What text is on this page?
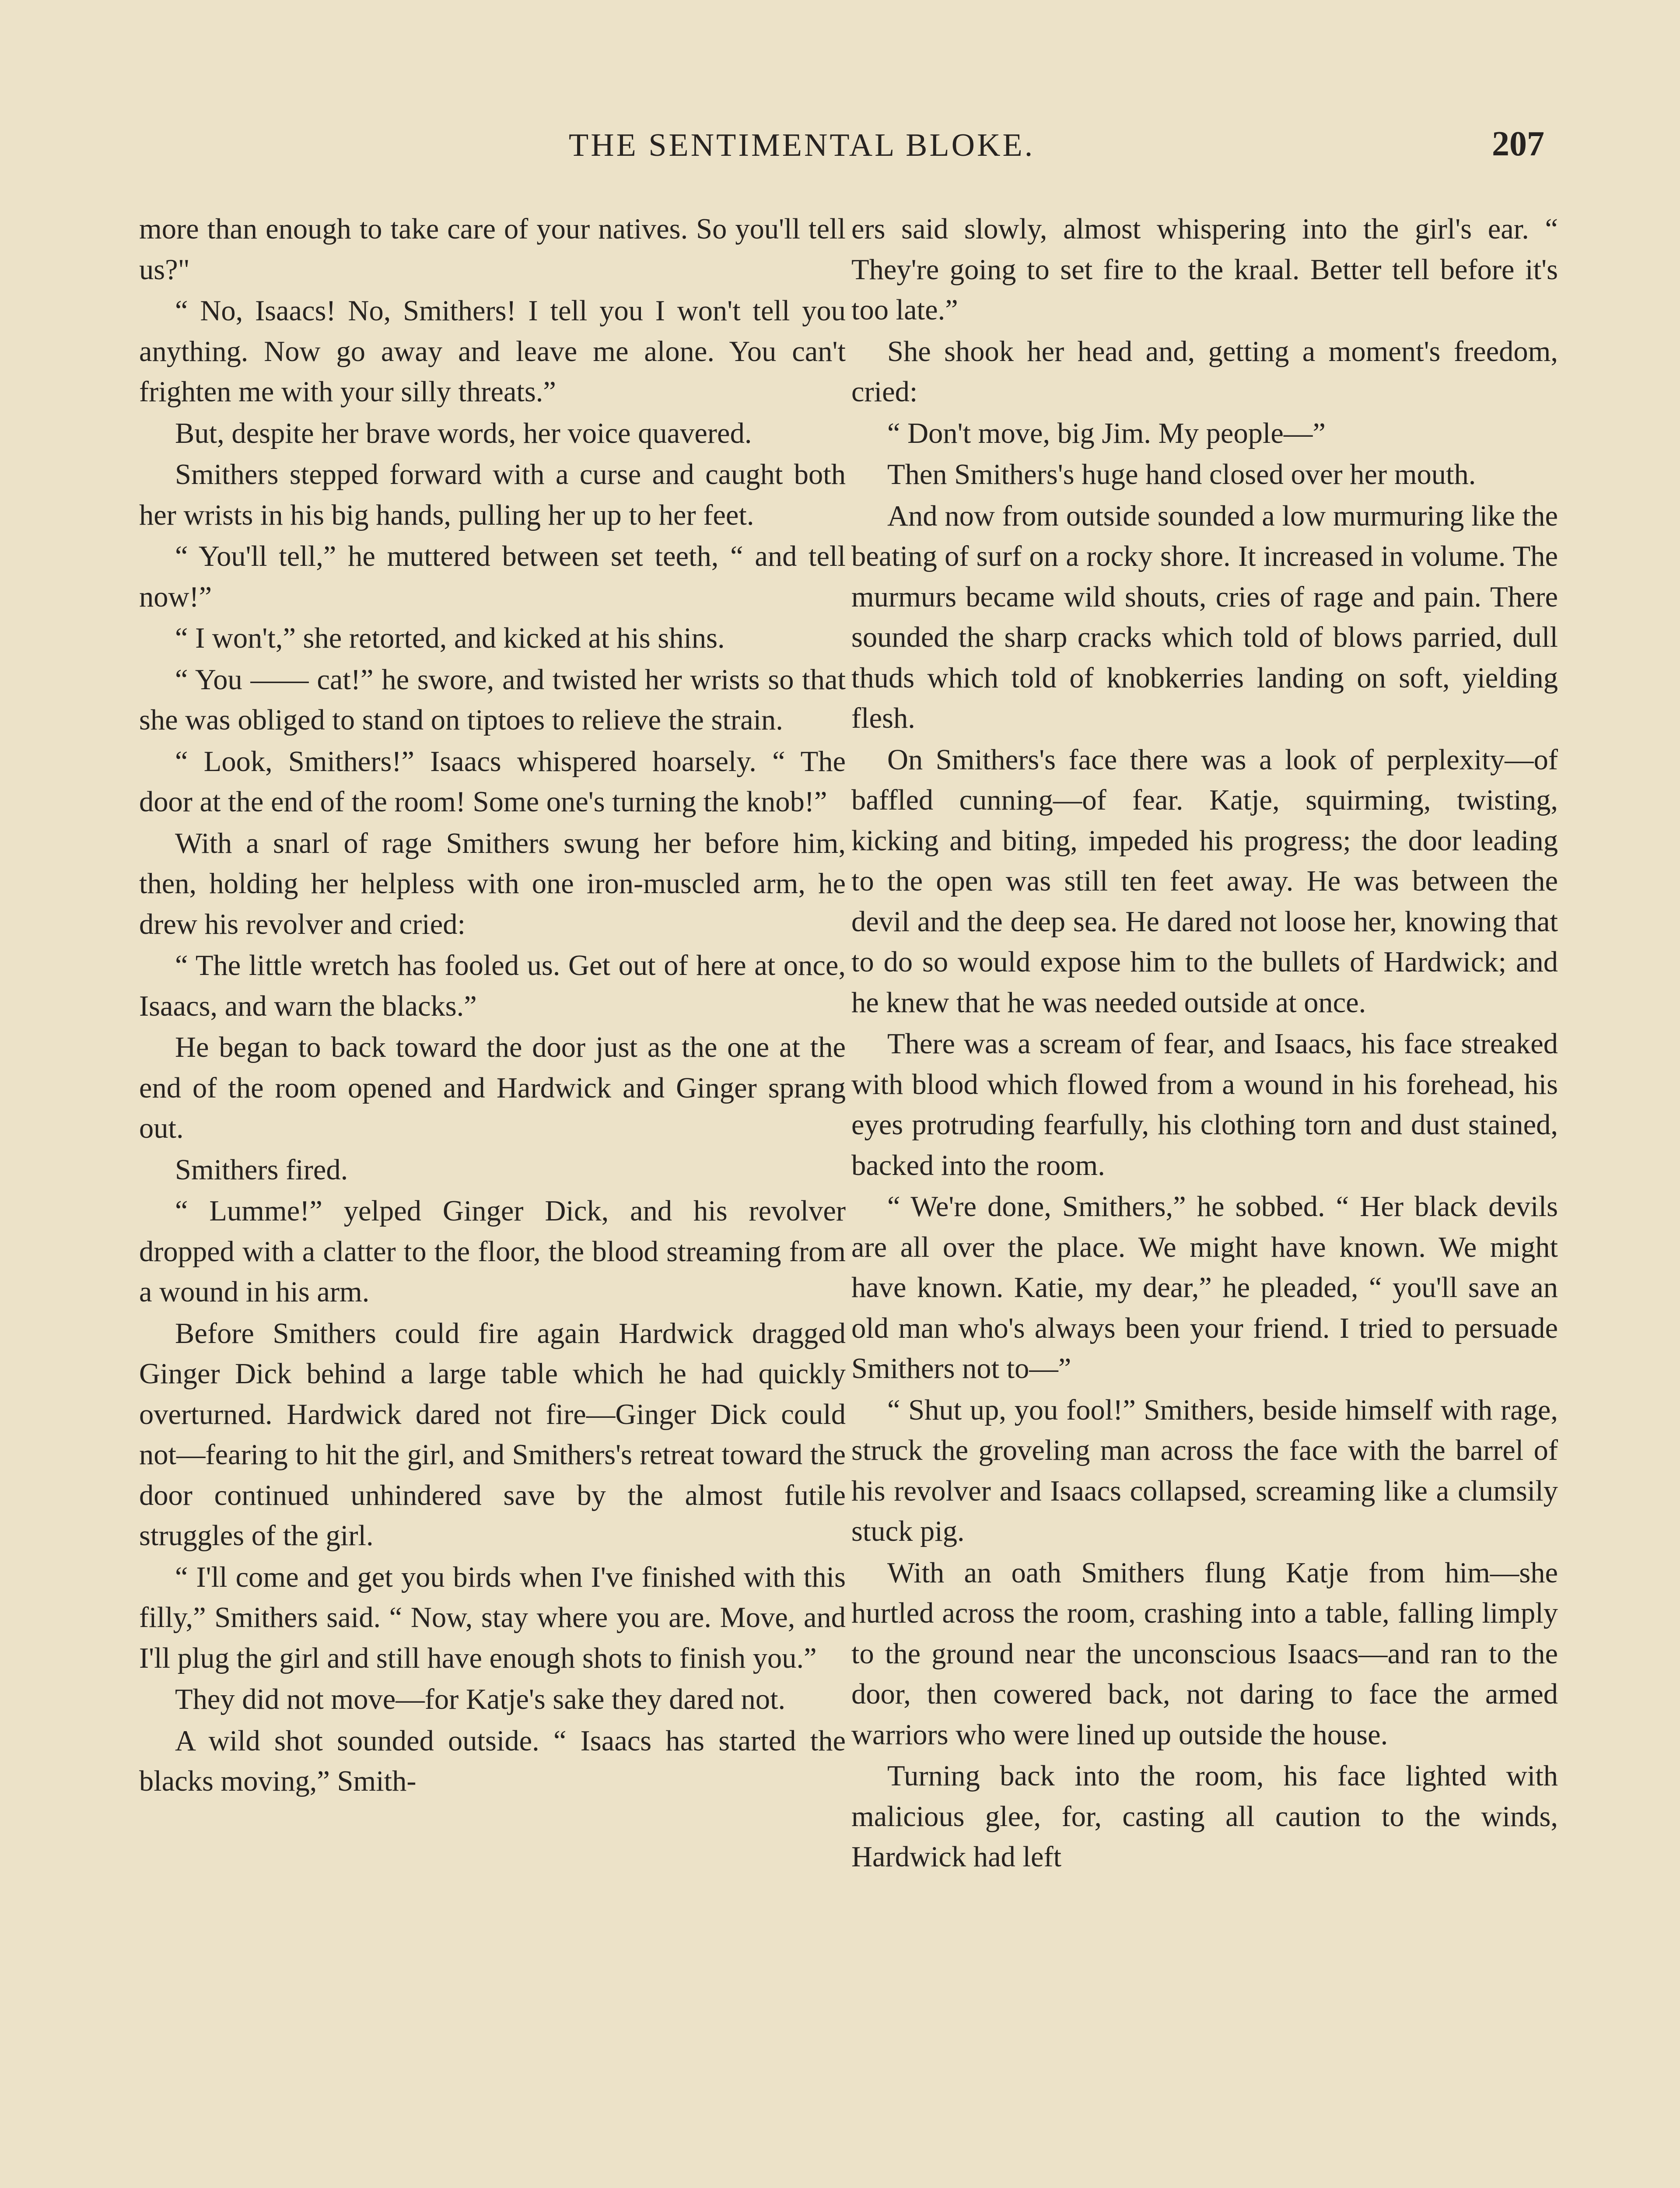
THE SENTIMENTAL BLOKE.	207

more than enough to take care of your natives. So you'll tell us?"

“ No, Isaacs! No, Smithers! I tell you I won't tell you anything. Now go away and leave me alone. You can't frighten me with your silly threats.”

But, despite her brave words, her voice quavered.

Smithers stepped forward with a curse and caught both her wrists in his big hands, pulling her up to her feet.

“ You'll tell,” he muttered between set teeth, “ and tell now!”

“ I won't,” she retorted, and kicked at his shins.

“ You —— cat!” he swore, and twisted her wrists so that she was obliged to stand on tiptoes to relieve the strain.

“ Look, Smithers!” Isaacs whispered hoarsely. “ The door at the end of the room! Some one's turning the knob!”

With a snarl of rage Smithers swung her before him, then, holding her helpless with one iron-muscled arm, he drew his revolver and cried:

“ The little wretch has fooled us. Get out of here at once, Isaacs, and warn the blacks.”

He began to back toward the door just as the one at the end of the room opened and Hardwick and Ginger sprang out.

Smithers fired.

“ Lumme!” yelped Ginger Dick, and his revolver dropped with a clatter to the floor, the blood streaming from a wound in his arm.

Before Smithers could fire again Hardwick dragged Ginger Dick behind a large table which he had quickly overturned. Hardwick dared not fire—Ginger Dick could not—fearing to hit the girl, and Smithers's retreat toward the door continued unhindered save by the almost futile struggles of the girl.

“ I'll come and get you birds when I've finished with this filly,” Smithers said. “ Now, stay where you are. Move, and I'll plug the girl and still have enough shots to finish you.”

They did not move—for Katje's sake they dared not.

A wild shot sounded outside. “ Isaacs has started the blacks moving,” Smith-

ers said slowly, almost whispering into the girl's ear. “ They're going to set fire to the kraal. Better tell before it's too late.”

She shook her head and, getting a moment's freedom, cried:

“ Don't move, big Jim. My people—”

Then Smithers's huge hand closed over her mouth.

And now from outside sounded a low murmuring like the beating of surf on a rocky shore. It increased in volume. The murmurs became wild shouts, cries of rage and pain. There sounded the sharp cracks which told of blows parried, dull thuds which told of knobkerries landing on soft, yielding flesh.

On Smithers's face there was a look of perplexity—of baffled cunning—of fear. Katje, squirming, twisting, kicking and biting, impeded his progress; the door leading to the open was still ten feet away. He was between the devil and the deep sea. He dared not loose her, knowing that to do so would expose him to the bullets of Hardwick; and he knew that he was needed outside at once.

There was a scream of fear, and Isaacs, his face streaked with blood which flowed from a wound in his forehead, his eyes protruding fearfully, his clothing torn and dust stained, backed into the room.

“ We're done, Smithers,” he sobbed. “ Her black devils are all over the place. We might have known. We might have known. Katie, my dear,” he pleaded, “ you'll save an old man who's always been your friend. I tried to persuade Smithers not to—”

“ Shut up, you fool!” Smithers, beside himself with rage, struck the groveling man across the face with the barrel of his revolver and Isaacs collapsed, screaming like a clumsily stuck pig.

With an oath Smithers flung Katje from him—she hurtled across the room, crashing into a table, falling limply to the ground near the unconscious Isaacs—and ran to the door, then cowered back, not daring to face the armed warriors who were lined up outside the house.

Turning back into the room, his face lighted with malicious glee, for, casting all caution to the winds, Hardwick had left
